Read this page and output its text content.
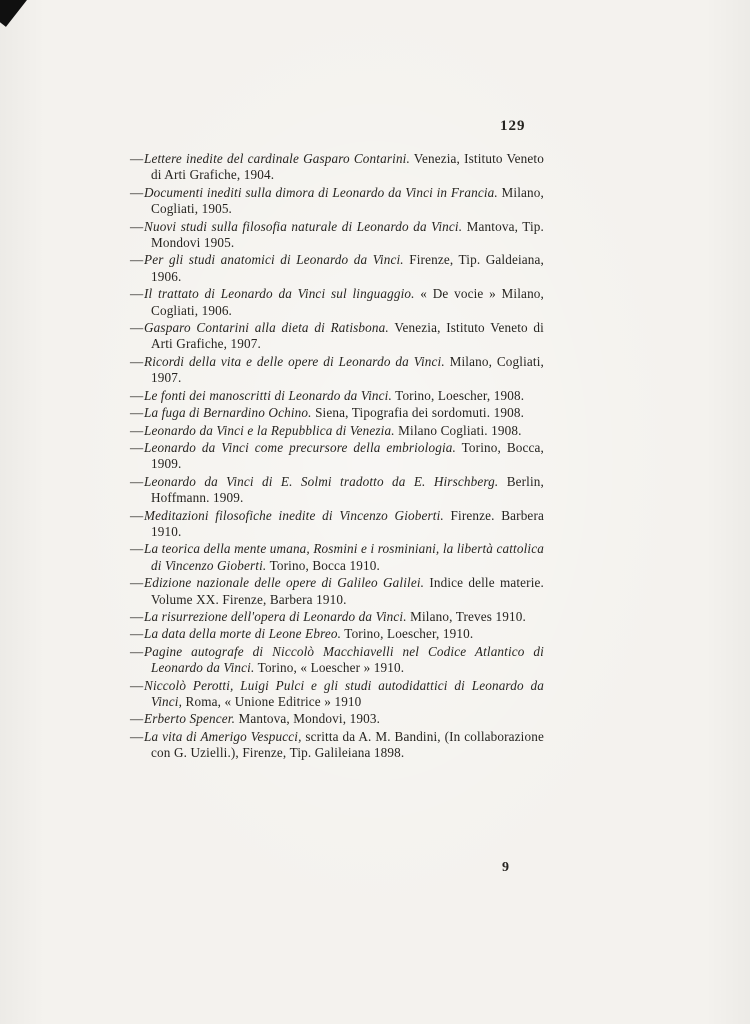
129
—Lettere inedite del cardinale Gasparo Contarini. Venezia, Istituto Veneto di Arti Grafiche, 1904.
—Documenti inediti sulla dimora di Leonardo da Vinci in Francia. Milano, Cogliati, 1905.
—Nuovi studi sulla filosofia naturale di Leonardo da Vinci. Mantova, Tip. Mondovi 1905.
—Per gli studi anatomici di Leonardo da Vinci. Firenze, Tip. Galdeiana, 1906.
—Il trattato di Leonardo da Vinci sul linguaggio. « De vocie » Milano, Cogliati, 1906.
—Gasparo Contarini alla dieta di Ratisbona. Venezia, Istituto Veneto di Arti Grafiche, 1907.
—Ricordi della vita e delle opere di Leonardo da Vinci. Milano, Cogliati, 1907.
—Le fonti dei manoscritti di Leonardo da Vinci. Torino, Loescher, 1908.
—La fuga di Bernardino Ochino. Siena, Tipografia dei sordomuti. 1908.
—Leonardo da Vinci e la Repubblica di Venezia. Milano Cogliati. 1908.
—Leonardo da Vinci come precursore della embriologia. Torino, Bocca, 1909.
—Leonardo da Vinci di E. Solmi tradotto da E. Hirschberg. Berlin, Hoffmann. 1909.
—Meditazioni filosofiche inedite di Vincenzo Gioberti. Firenze. Barbera 1910.
—La teorica della mente umana, Rosmini e i rosminiani, la libertà cattolica di Vincenzo Gioberti. Torino, Bocca 1910.
—Edizione nazionale delle opere di Galileo Galilei. Indice delle materie. Volume XX. Firenze, Barbera 1910.
—La risurrezione dell'opera di Leonardo da Vinci. Milano, Treves 1910.
—La data della morte di Leone Ebreo. Torino, Loescher, 1910.
—Pagine autografe di Niccolò Macchiavelli nel Codice Atlantico di Leonardo da Vinci. Torino, « Loescher » 1910.
—Niccolò Perotti, Luigi Pulci e gli studi autodidattici di Leonardo da Vinci, Roma, « Unione Editrice » 1910
—Erberto Spencer. Mantova, Mondovi, 1903.
—La vita di Amerigo Vespucci, scritta da A. M. Bandini, (In collaborazione con G. Uzielli.), Firenze, Tip. Galileiana 1898.
9
